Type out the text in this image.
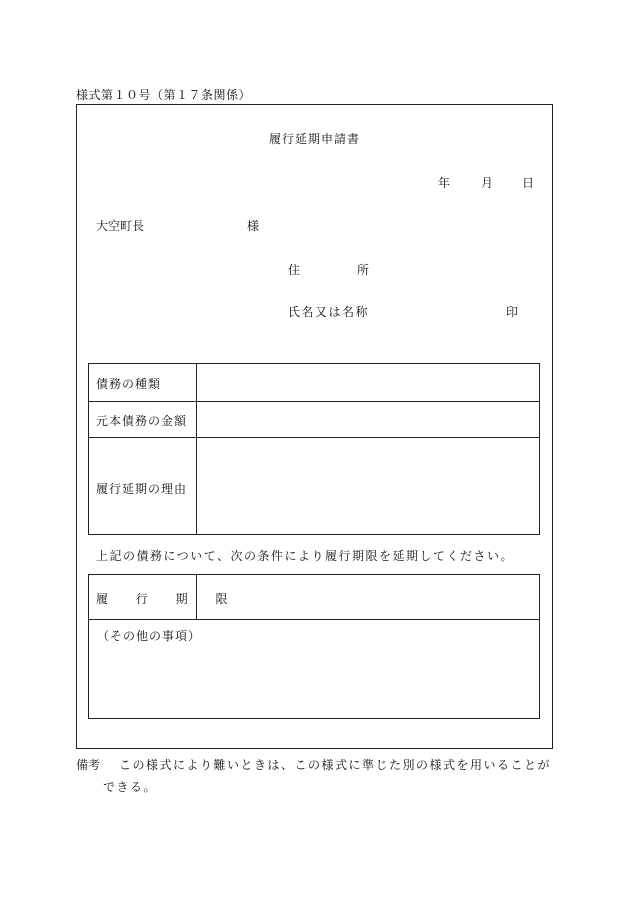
様式第１０号（第１７条関係）
履行延期申請書
年	月 日
大空町長	様
住	所
氏名又は名称	印
債務の種類
元本債務の金額
履行延期の理由
上記の債務について、次の条件により履行期限を延期してください。
履 行 期 限
（その他の事項）
備考 この様式により難いときは、この様式に準じた別の様式を用いることが
できる。
